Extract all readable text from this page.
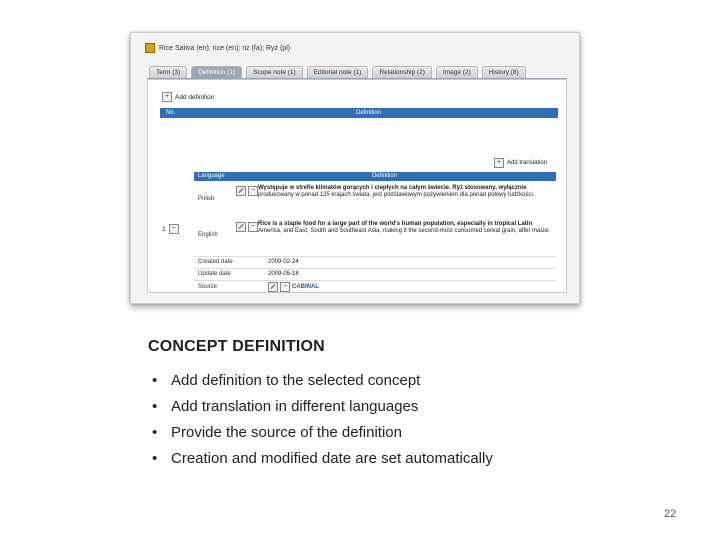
Rice Sativa (en); rice (en); riz (fa); Ryż (pl)
Term (3)	Definition (1)	Scope note (1)	Editorial note (1)	Relationship (2)	Image (2)	History (8)
+ Add definition
No.	Definition
+ Add translation
Language	Definition
Polish
− Występuje w strefie klimatów gorących i ciepłych na całym świecie. Ryż stosowany, wyłącznie produkowany w ponad 125 krajach świata, jest podstawowym pożywieniem dla ponad połowy ludzkości.
English
− Rice is a staple food for a large part of the world's human population, especially in tropical Latin America, and East, South and Southeast Asia, making it the second-most consumed cereal grain, after maize.
1 −
Created date	2009-02-24
Update date	2009-05-18
Source	− CABINAL
CONCEPT DEFINITION
• Add definition to the selected concept
• Add translation in different languages
• Provide the source of the definition
• Creation and modified date are set automatically
22
